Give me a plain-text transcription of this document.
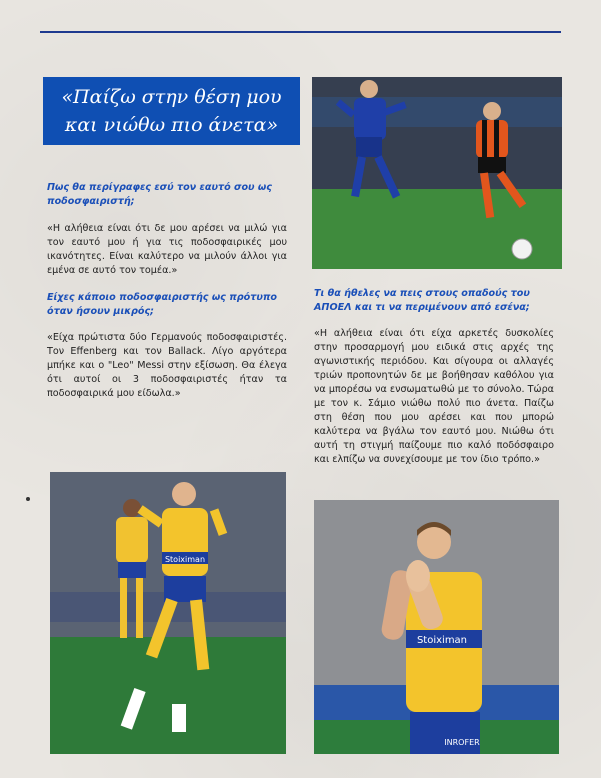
«Παίζω στην θέση μου και νιώθω πιο άνετα»
Πως θα περίγραφες εσύ τον εαυτό σου ως ποδοσφαιριστή;
«Η αλήθεια είναι ότι δε μου αρέσει να μιλώ για τον εαυτό μου ή για τις ποδοσφαιρικές μου ικανότητες. Είναι καλύτερο να μιλούν άλλοι για εμένα σε αυτό τον τομέα.»
Είχες κάποιο ποδοσφαιριστής ως πρότυπο όταν ήσουν μικρός;
«Είχα πρώτιστα δύο Γερμανούς ποδοσφαιριστές. Τον Effenberg και τον Ballack. Λίγο αργότερα μπήκε και ο "Leo" Messi στην εξίσωση. Θα έλεγα ότι αυτοί οι 3 ποδοσφαιριστές ήταν τα ποδοσφαιρικά μου είδωλα.»
Τι θα ήθελες να πεις στους οπαδούς του ΑΠΟΕΛ και τι να περιμένουν από εσένα;
«Η αλήθεια είναι ότι είχα αρκετές δυσκολίες στην προσαρμογή μου ειδικά στις αρχές της αγωνιστικής περιόδου. Και σίγουρα οι αλλαγές τριών προπονητών δε με βοήθησαν καθόλου για να μπορέσω να ενσωματωθώ με το σύνολο. Τώρα με τον κ. Σάμιο νιώθω πολύ πιο άνετα. Παίζω στη θέση που μου αρέσει και που μπορώ καλύτερα να βγάλω τον εαυτό μου. Νιώθω ότι αυτή τη στιγμή παίζουμε πιο καλό ποδόσφαιρο και ελπίζω να συνεχίσουμε με τον ίδιο τρόπο.»
Stoiximan
Stoiximan
INROFER
